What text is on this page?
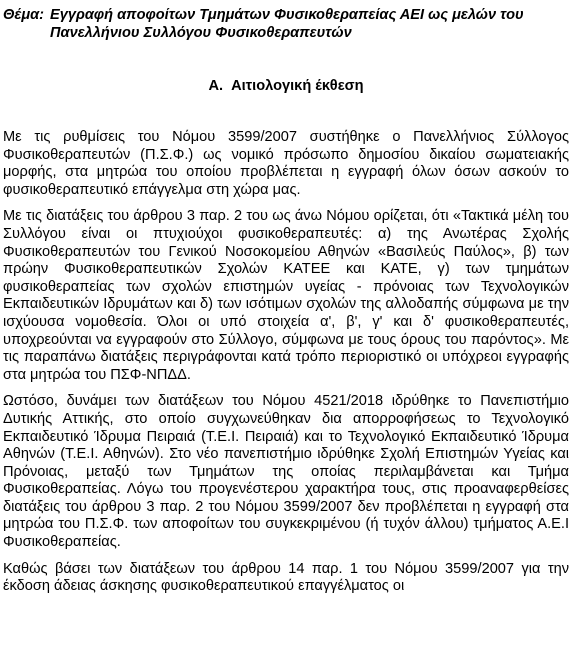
Θέμα: Εγγραφή αποφοίτων Τμημάτων Φυσικοθεραπείας ΑΕΙ ως μελών του Πανελλήνιου Συλλόγου Φυσικοθεραπευτών
Α. Αιτιολογική έκθεση

Με τις ρυθμίσεις του Νόμου 3599/2007 συστήθηκε ο Πανελλήνιος Σύλλογος Φυσικοθεραπευτών (Π.Σ.Φ.) ως νομικό πρόσωπο δημοσίου δικαίου σωματειακής μορφής, στα μητρώα του οποίου προβλέπεται η εγγραφή όλων όσων ασκούν το φυσικοθεραπευτικό επάγγελμα στη χώρα μας.

Με τις διατάξεις του άρθρου 3 παρ. 2 του ως άνω Νόμου ορίζεται, ότι «Τακτικά μέλη του Συλλόγου είναι οι πτυχιούχοι φυσικοθεραπευτές: α) της Ανωτέρας Σχολής Φυσικοθεραπευτών του Γενικού Νοσοκομείου Αθηνών «Βασιλεύς Παύλος», β) των πρώην Φυσικοθεραπευτικών Σχολών ΚΑΤΕΕ και ΚΑΤΕ, γ) των τμημάτων φυσικοθεραπείας των σχολών επιστημών υγείας - πρόνοιας των Τεχνολογικών Εκπαιδευτικών Ιδρυμάτων και δ) των ισότιμων σχολών της αλλοδαπής σύμφωνα με την ισχύουσα νομοθεσία. Όλοι οι υπό στοιχεία α', β', γ' και δ' φυσικοθεραπευτές, υποχρεούνται να εγγραφούν στο Σύλλογο, σύμφωνα με τους όρους του παρόντος». Με τις παραπάνω διατάξεις περιγράφονται κατά τρόπο περιοριστικό οι υπόχρεοι εγγραφής στα μητρώα του ΠΣΦ-ΝΠΔΔ.

Ωστόσο, δυνάμει των διατάξεων του Νόμου 4521/2018 ιδρύθηκε το Πανεπιστήμιο Δυτικής Αττικής, στο οποίο συγχωνεύθηκαν δια απορροφήσεως το Τεχνολογικό Εκπαιδευτικό Ίδρυμα Πειραιά (Τ.Ε.Ι. Πειραιά) και το Τεχνολογικό Εκπαιδευτικό Ίδρυμα Αθηνών (Τ.Ε.Ι. Αθηνών). Στο νέο πανεπιστήμιο ιδρύθηκε Σχολή Επιστημών Υγείας και Πρόνοιας, μεταξύ των Τμημάτων της οποίας περιλαμβάνεται και Τμήμα Φυσικοθεραπείας. Λόγω του προγενέστερου χαρακτήρα τους, στις προαναφερθείσες διατάξεις του άρθρου 3 παρ. 2 του Νόμου 3599/2007 δεν προβλέπεται η εγγραφή στα μητρώα του Π.Σ.Φ. των αποφοίτων του συγκεκριμένου (ή τυχόν άλλου) τμήματος Α.Ε.Ι Φυσικοθεραπείας.

Καθώς βάσει των διατάξεων του άρθρου 14 παρ. 1 του Νόμου 3599/2007 για την έκδοση άδειας άσκησης φυσικοθεραπευτικού επαγγέλματος οι
